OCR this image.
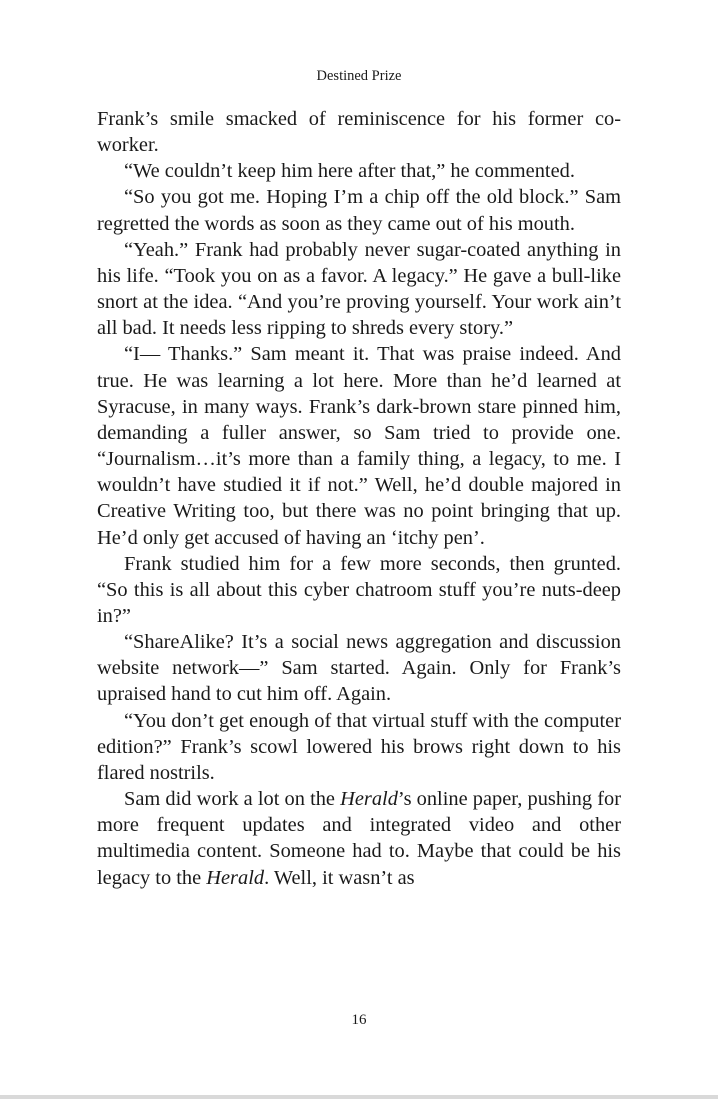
Destined Prize

Frank’s smile smacked of reminiscence for his former co-worker.

“We couldn’t keep him here after that,” he commented.

“So you got me. Hoping I’m a chip off the old block.” Sam regretted the words as soon as they came out of his mouth.

“Yeah.” Frank had probably never sugar-coated anything in his life. “Took you on as a favor. A legacy.” He gave a bull-like snort at the idea. “And you’re proving yourself. Your work ain’t all bad. It needs less ripping to shreds every story.”

“I— Thanks.” Sam meant it. That was praise indeed. And true. He was learning a lot here. More than he’d learned at Syracuse, in many ways. Frank’s dark-brown stare pinned him, demanding a fuller answer, so Sam tried to provide one. “Journalism…it’s more than a family thing, a legacy, to me. I wouldn’t have studied it if not.” Well, he’d double majored in Creative Writing too, but there was no point bringing that up. He’d only get accused of having an ‘itchy pen’.

Frank studied him for a few more seconds, then grunted. “So this is all about this cyber chatroom stuff you’re nuts-deep in?”

“ShareAlike? It’s a social news aggregation and discussion website network—” Sam started. Again. Only for Frank’s upraised hand to cut him off. Again.

“You don’t get enough of that virtual stuff with the computer edition?” Frank’s scowl lowered his brows right down to his flared nostrils.

Sam did work a lot on the Herald’s online paper, pushing for more frequent updates and integrated video and other multimedia content. Someone had to. Maybe that could be his legacy to the Herald. Well, it wasn’t as

16
